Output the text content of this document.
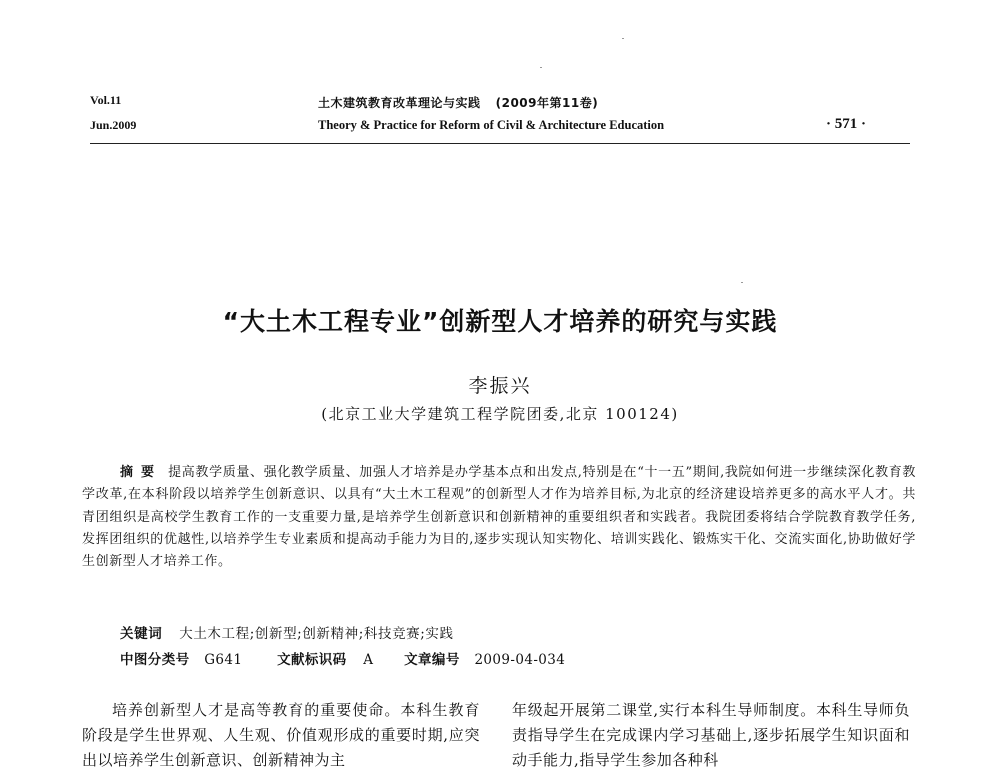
Vol.11
Jun.2009
土木建筑教育改革理论与实践 (2009年第11卷)
Theory & Practice for Reform of Civil & Architecture Education	· 571 ·
“大土木工程专业”创新型人才培养的研究与实践
李振兴
(北京工业大学建筑工程学院团委,北京 100124)
摘要 提高教学质量、强化教学质量、加强人才培养是办学基本点和出发点,特别是在“十一五”期间,我院如何进一步继续深化教育教学改革,在本科阶段以培养学生创新意识、以具有“大土木工程观”的创新型人才作为培养目标,为北京的经济建设培养更多的高水平人才。共青团组织是高校学生教育工作的一支重要力量,是培养学生创新意识和创新精神的重要组织者和实践者。我院团委将结合学院教育教学任务,发挥团组织的优越性,以培养学生专业素质和提高动手能力为目的,逐步实现认知实物化、培训实践化、锻炼实干化、交流实面化,协助做好学生创新型人才培养工作。
关键词 大土木工程;创新型;创新精神;科技竞赛;实践
中图分类号 G641	文献标识码 A 文章编号 2009-04-034
培养创新型人才是高等教育的重要使命。本科生教育阶段是学生世界观、人生观、价值观形成的重要时期,应突出以培养学生创新意识、创新精神为主
年级起开展第二课堂,实行本科生导师制度。本科生导师负责指导学生在完成课内学习基础上,逐步拓展学生知识面和动手能力,指导学生参加各种科
